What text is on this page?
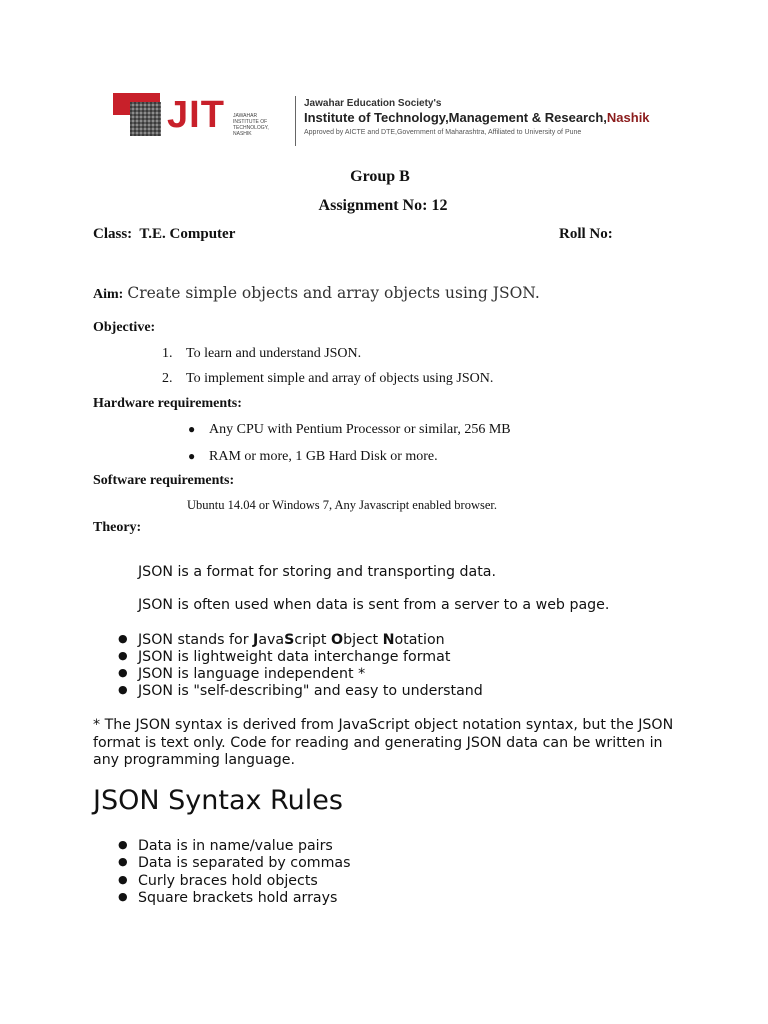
JIT JAWAHAR INSTITUTE OF TECHNOLOGY, NASHIK
Jawahar Education Society's
Institute of Technology,Management & Research,Nashik
Approved by AICTE and DTE,Government of Maharashtra, Affiliated to University of Pune
Group B
Assignment No: 12
Class:  T.E. Computer	Roll No:
Aim: Create simple objects and array objects using JSON.
Objective:
1. To learn and understand JSON.
2. To implement simple and array of objects using JSON.
Hardware requirements:
● Any CPU with Pentium Processor or similar, 256 MB
● RAM or more, 1 GB Hard Disk or more.
Software requirements:
Ubuntu 14.04 or Windows 7, Any Javascript enabled browser.
Theory:
JSON is a format for storing and transporting data.
JSON is often used when data is sent from a server to a web page.
● JSON stands for JavaScript Object Notation
● JSON is lightweight data interchange format
● JSON is language independent *
● JSON is "self-describing" and easy to understand
* The JSON syntax is derived from JavaScript object notation syntax, but the JSON format is text only. Code for reading and generating JSON data can be written in any programming language.
JSON Syntax Rules
● Data is in name/value pairs
● Data is separated by commas
● Curly braces hold objects
● Square brackets hold arrays
